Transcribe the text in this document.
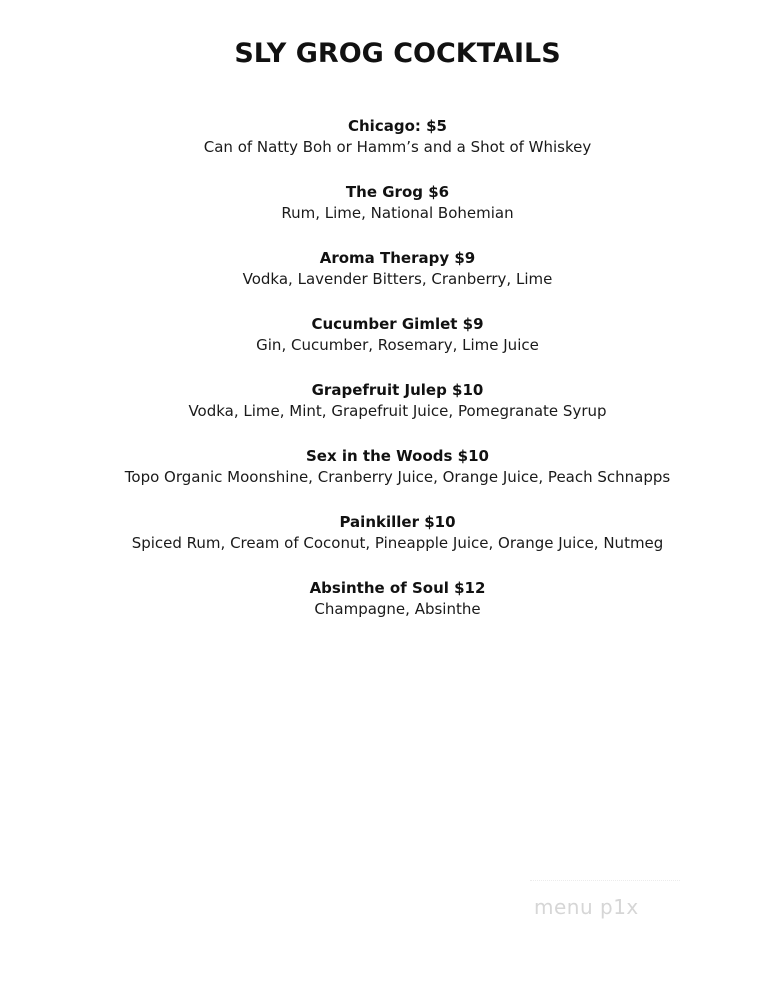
SLY GROG COCKTAILS
Chicago: $5
Can of Natty Boh or Hamm’s and a Shot of Whiskey
The Grog $6
Rum, Lime, National Bohemian
Aroma Therapy $9
Vodka, Lavender Bitters, Cranberry, Lime
Cucumber Gimlet $9
Gin, Cucumber, Rosemary, Lime Juice
Grapefruit Julep $10
Vodka, Lime, Mint, Grapefruit Juice, Pomegranate Syrup
Sex in the Woods $10
Topo Organic Moonshine, Cranberry Juice, Orange Juice, Peach Schnapps
Painkiller $10
Spiced Rum, Cream of Coconut, Pineapple Juice, Orange Juice, Nutmeg
Absinthe of Soul $12
Champagne, Absinthe
menu p1x
